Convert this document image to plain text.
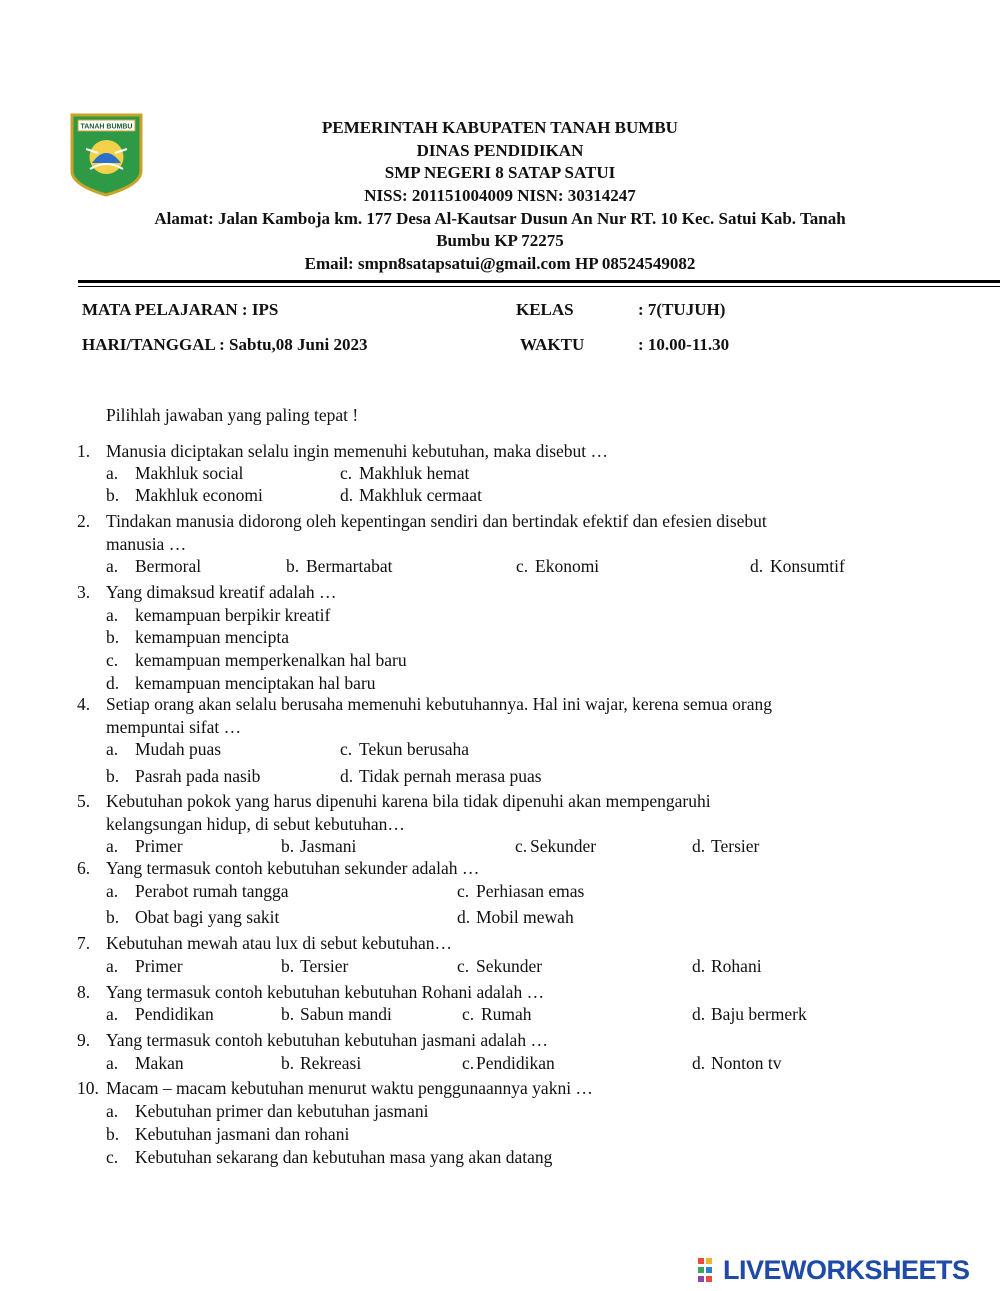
TANAH BUMBU	PEMERINTAH KABUPATEN TANAH BUMBU
DINAS PENDIDIKAN
SMP NEGERI 8 SATAP SATUI
NISS: 201151004009 NISN: 30314247
Alamat: Jalan Kamboja km. 177 Desa Al-Kautsar Dusun An Nur RT. 10 Kec. Satui Kab. Tanah
Bumbu KP 72275
Email: smpn8satapsatui@gmail.com HP 08524549082
MATA PELAJARAN : IPS	KELAS	: 7(TUJUH)
HARI/TANGGAL : Sabtu,08 Juni 2023	WAKTU	: 10.00-11.30
Pilihlah jawaban yang paling tepat !
1. Manusia diciptakan selalu ingin memenuhi kebutuhan, maka disebut …
a. Makhluk social	c. Makhluk hemat
b. Makhluk economi	d. Makhluk cermaat
2. Tindakan manusia didorong oleh kepentingan sendiri dan bertindak efektif dan efesien disebut
manusia …
a. Bermoral	b. Bermartabat	c. Ekonomi	d. Konsumtif
3. Yang dimaksud kreatif adalah …
a. kemampuan berpikir kreatif
b. kemampuan mencipta
c. kemampuan memperkenalkan hal baru
d. kemampuan menciptakan hal baru
4. Setiap orang akan selalu berusaha memenuhi kebutuhannya. Hal ini wajar, kerena semua orang
mempuntai sifat …
a. Mudah puas	c. Tekun berusaha
b. Pasrah pada nasib	d. Tidak pernah merasa puas
5. Kebutuhan pokok yang harus dipenuhi karena bila tidak dipenuhi akan mempengaruhi
kelangsungan hidup, di sebut kebutuhan…
a. Primer	b. Jasmani	c. Sekunder	d. Tersier
6. Yang termasuk contoh kebutuhan sekunder adalah …
a. Perabot rumah tangga	c. Perhiasan emas
b. Obat bagi yang sakit	d. Mobil mewah
7. Kebutuhan mewah atau lux di sebut kebutuhan…
a. Primer	b. Tersier	c. Sekunder	d. Rohani
8. Yang termasuk contoh kebutuhan kebutuhan Rohani adalah …
a. Pendidikan	b. Sabun mandi	c. Rumah	d. Baju bermerk
9. Yang termasuk contoh kebutuhan kebutuhan jasmani adalah …
a. Makan	b. Rekreasi	c. Pendidikan	d. Nonton tv
10. Macam – macam kebutuhan menurut waktu penggunaannya yakni …
a. Kebutuhan primer dan kebutuhan jasmani
b. Kebutuhan jasmani dan rohani
c. Kebutuhan sekarang dan kebutuhan masa yang akan datang
LIVEWORKSHEETS
